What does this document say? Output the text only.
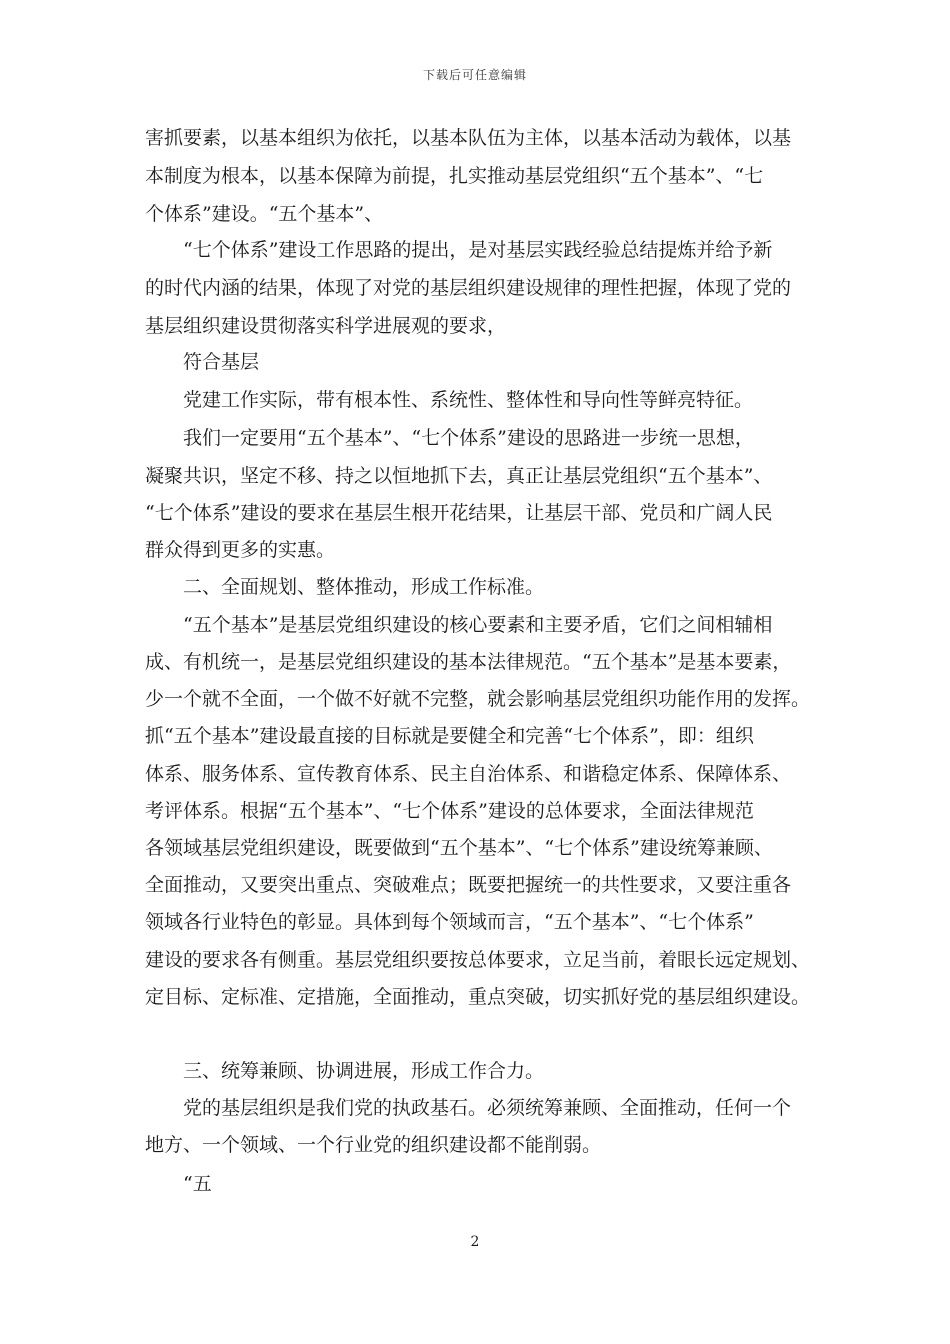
下载后可任意编辑
害抓要素，以基本组织为依托，以基本队伍为主体，以基本活动为载体，以基
本制度为根本，以基本保障为前提，扎实推动基层党组织“五个基本”、“七
个体系”建设。“五个基本”、
“七个体系”建设工作思路的提出，是对基层实践经验总结提炼并给予新
的时代内涵的结果，体现了对党的基层组织建设规律的理性把握，体现了党的
基层组织建设贯彻落实科学进展观的要求，
符合基层
党建工作实际，带有根本性、系统性、整体性和导向性等鲜亮特征。
我们一定要用“五个基本”、“七个体系”建设的思路进一步统一思想，
凝聚共识，坚定不移、持之以恒地抓下去，真正让基层党组织“五个基本”、
“七个体系”建设的要求在基层生根开花结果，让基层干部、党员和广阔人民
群众得到更多的实惠。
二、全面规划、整体推动，形成工作标准。
“五个基本”是基层党组织建设的核心要素和主要矛盾，它们之间相辅相
成、有机统一，是基层党组织建设的基本法律规范。“五个基本”是基本要素，
少一个就不全面，一个做不好就不完整，就会影响基层党组织功能作用的发挥。
抓“五个基本”建设最直接的目标就是要健全和完善“七个体系”，即：组织
体系、服务体系、宣传教育体系、民主自治体系、和谐稳定体系、保障体系、
考评体系。根据“五个基本”、“七个体系”建设的总体要求，全面法律规范
各领域基层党组织建设，既要做到“五个基本”、“七个体系”建设统筹兼顾、
全面推动，又要突出重点、突破难点；既要把握统一的共性要求，又要注重各
领域各行业特色的彰显。具体到每个领域而言，“五个基本”、“七个体系”
建设的要求各有侧重。基层党组织要按总体要求，立足当前，着眼长远定规划、
定目标、定标准、定措施，全面推动，重点突破，切实抓好党的基层组织建设。
三、统筹兼顾、协调进展，形成工作合力。
党的基层组织是我们党的执政基石。必须统筹兼顾、全面推动，任何一个
地方、一个领域、一个行业党的组织建设都不能削弱。
“五
2
